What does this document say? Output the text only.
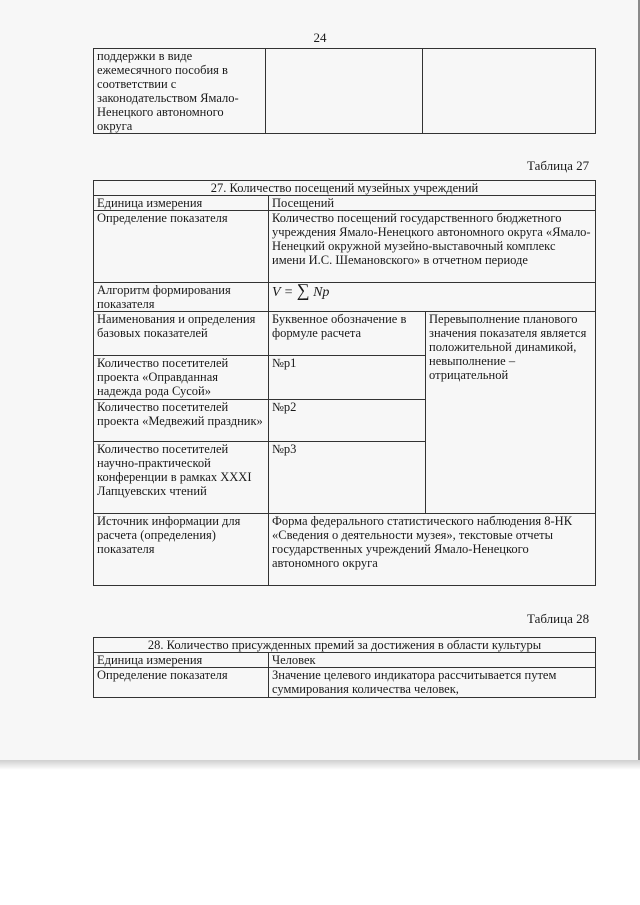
24
поддержки в виде ежемесячного пособия в соответствии с законодательством Ямало-Ненецкого автономного округа		
Таблица 27
27. Количество посещений музейных учреждений		
Единица измерения	Посещений	
Определение показателя	Количество посещений государственного бюджетного учреждения Ямало-Ненецкого автономного округа «Ямало-Ненецкий окружной музейно-выставочный комплекс имени И.С. Шемановского» в отчетном периоде	
Алгоритм формирования показателя	V = ∑ Np	
Наименования и определения базовых показателей	Буквенное обозначение в формуле расчета	Перевыполнение планового значения показателя является положительной динамикой, невыполнение – отрицательной
Количество посетителей проекта «Оправданная надежда рода Сусой»	№р1	
Количество посетителей проекта «Медвежий праздник»	№р2	
Количество посетителей научно-практической конференции в рамках XXXI Лапцуевских чтений	№р3	
Источник информации для расчета (определения) показателя	Форма федерального статистического наблюдения 8-НК «Сведения о деятельности музея», текстовые отчеты государственных учреждений Ямало-Ненецкого автономного округа	
Таблица 28
28. Количество присужденных премий за достижения в области культуры	
Единица измерения	Человек
Определение показателя	Значение целевого индикатора рассчитывается путем суммирования количества человек,
